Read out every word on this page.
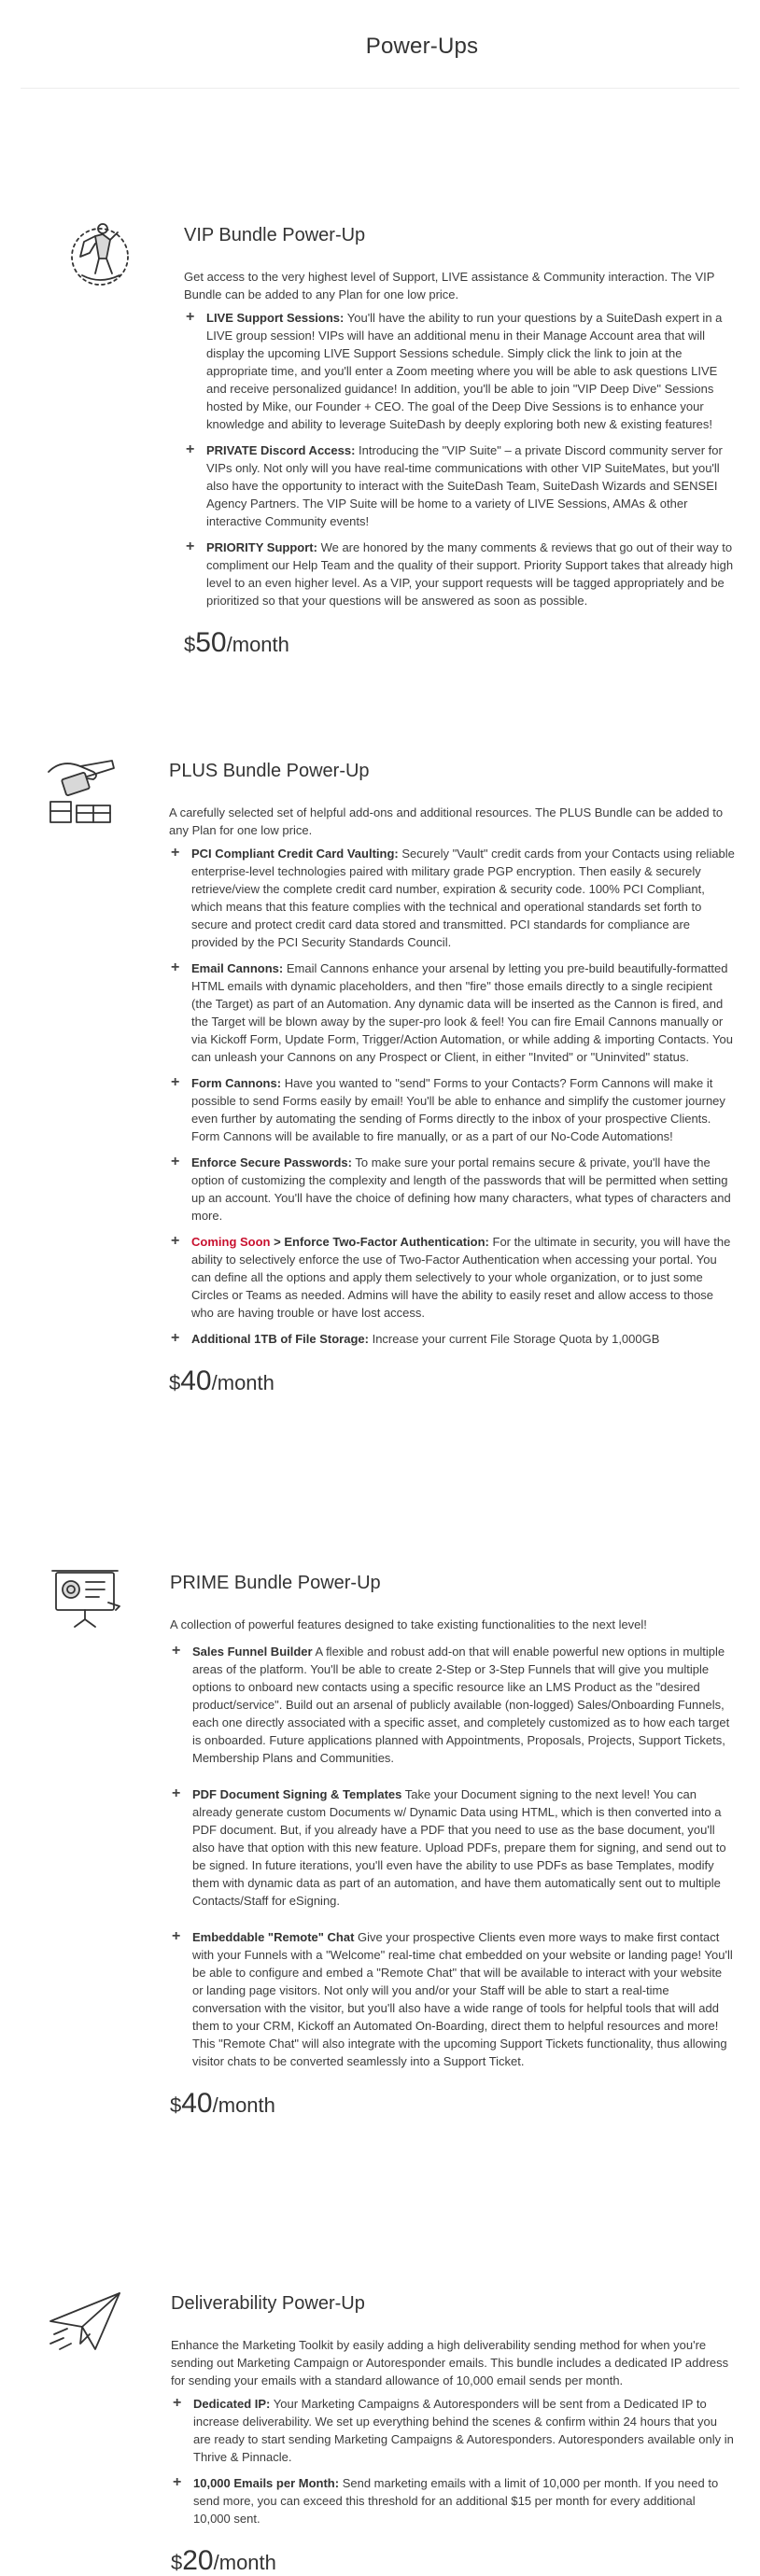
Power-Ups
VIP Bundle Power-Up

Get access to the very highest level of Support, LIVE assistance & Community interaction. The VIP Bundle can be added to any Plan for one low price.

+ LIVE Support Sessions: You'll have the ability to run your questions by a SuiteDash expert in a LIVE group session! VIPs will have an additional menu in their Manage Account area that will display the upcoming LIVE Support Sessions schedule. Simply click the link to join at the appropriate time, and you'll enter a Zoom meeting where you will be able to ask questions LIVE and receive personalized guidance! In addition, you'll be able to join "VIP Deep Dive" Sessions hosted by Mike, our Founder + CEO. The goal of the Deep Dive Sessions is to enhance your knowledge and ability to leverage SuiteDash by deeply exploring both new & existing features!
+ PRIVATE Discord Access: Introducing the "VIP Suite" – a private Discord community server for VIPs only. Not only will you have real-time communications with other VIP SuiteMates, but you'll also have the opportunity to interact with the SuiteDash Team, SuiteDash Wizards and SENSEI Agency Partners. The VIP Suite will be home to a variety of LIVE Sessions, AMAs & other interactive Community events!
+ PRIORITY Support: We are honored by the many comments & reviews that go out of their way to compliment our Help Team and the quality of their support. Priority Support takes that already high level to an even higher level. As a VIP, your support requests will be tagged appropriately and be prioritized so that your questions will be answered as soon as possible.
$ 50 /month
PLUS Bundle Power-Up

A carefully selected set of helpful add-ons and additional resources. The PLUS Bundle can be added to any Plan for one low price.

+ PCI Compliant Credit Card Vaulting: Securely "Vault" credit cards from your Contacts using reliable enterprise-level technologies paired with military grade PGP encryption. Then easily & securely retrieve/view the complete credit card number, expiration & security code. 100% PCI Compliant, which means that this feature complies with the technical and operational standards set forth to secure and protect credit card data stored and transmitted. PCI standards for compliance are provided by the PCI Security Standards Council.
+ Email Cannons: Email Cannons enhance your arsenal by letting you pre-build beautifully-formatted HTML emails with dynamic placeholders, and then "fire" those emails directly to a single recipient (the Target) as part of an Automation. Any dynamic data will be inserted as the Cannon is fired, and the Target will be blown away by the super-pro look & feel! You can fire Email Cannons manually or via Kickoff Form, Update Form, Trigger/Action Automation, or while adding & importing Contacts. You can unleash your Cannons on any Prospect or Client, in either "Invited" or "Uninvited" status.
+ Form Cannons: Have you wanted to "send" Forms to your Contacts? Form Cannons will make it possible to send Forms easily by email! You'll be able to enhance and simplify the customer journey even further by automating the sending of Forms directly to the inbox of your prospective Clients. Form Cannons will be available to fire manually, or as a part of our No-Code Automations!
+ Enforce Secure Passwords: To make sure your portal remains secure & private, you'll have the option of customizing the complexity and length of the passwords that will be permitted when setting up an account. You'll have the choice of defining how many characters, what types of characters and more.
+ Coming Soon > Enforce Two-Factor Authentication: For the ultimate in security, you will have the ability to selectively enforce the use of Two-Factor Authentication when accessing your portal. You can define all the options and apply them selectively to your whole organization, or to just some Circles or Teams as needed. Admins will have the ability to easily reset and allow access to those who are having trouble or have lost access.
+ Additional 1TB of File Storage: Increase your current File Storage Quota by 1,000GB
$ 40 /month
PRIME Bundle Power-Up

A collection of powerful features designed to take existing functionalities to the next level!

+ Sales Funnel Builder A flexible and robust add-on that will enable powerful new options in multiple areas of the platform. You'll be able to create 2-Step or 3-Step Funnels that will give you multiple options to onboard new contacts using a specific resource like an LMS Product as the "desired product/service". Build out an arsenal of publicly available (non-logged) Sales/Onboarding Funnels, each one directly associated with a specific asset, and completely customized as to how each target is onboarded. Future applications planned with Appointments, Proposals, Projects, Support Tickets, Membership Plans and Communities.
+ PDF Document Signing & Templates Take your Document signing to the next level! You can already generate custom Documents w/ Dynamic Data using HTML, which is then converted into a PDF document. But, if you already have a PDF that you need to use as the base document, you'll also have that option with this new feature. Upload PDFs, prepare them for signing, and send out to be signed. In future iterations, you'll even have the ability to use PDFs as base Templates, modify them with dynamic data as part of an automation, and have them automatically sent out to multiple Contacts/Staff for eSigning.
+ Embeddable "Remote" Chat Give your prospective Clients even more ways to make first contact with your Funnels with a "Welcome" real-time chat embedded on your website or landing page! You'll be able to configure and embed a "Remote Chat" that will be available to interact with your website or landing page visitors. Not only will you and/or your Staff will be able to start a real-time conversation with the visitor, but you'll also have a wide range of tools for helpful tools that will add them to your CRM, Kickoff an Automated On-Boarding, direct them to helpful resources and more! This "Remote Chat" will also integrate with the upcoming Support Tickets functionality, thus allowing visitor chats to be converted seamlessly into a Support Ticket.
$ 40 /month
Deliverability Power-Up

Enhance the Marketing Toolkit by easily adding a high deliverability sending method for when you're sending out Marketing Campaign or Autoresponder emails. This bundle includes a dedicated IP address for sending your emails with a standard allowance of 10,000 email sends per month.

+ Dedicated IP: Your Marketing Campaigns & Autoresponders will be sent from a Dedicated IP to increase deliverability. We set up everything behind the scenes & confirm within 24 hours that you are ready to start sending Marketing Campaigns & Autoresponders. Autoresponders available only in Thrive & Pinnacle.
+ 10,000 Emails per Month: Send marketing emails with a limit of 10,000 per month. If you need to send more, you can exceed this threshold for an additional $15 per month for every additional 10,000 sent.
$ 20 /month
